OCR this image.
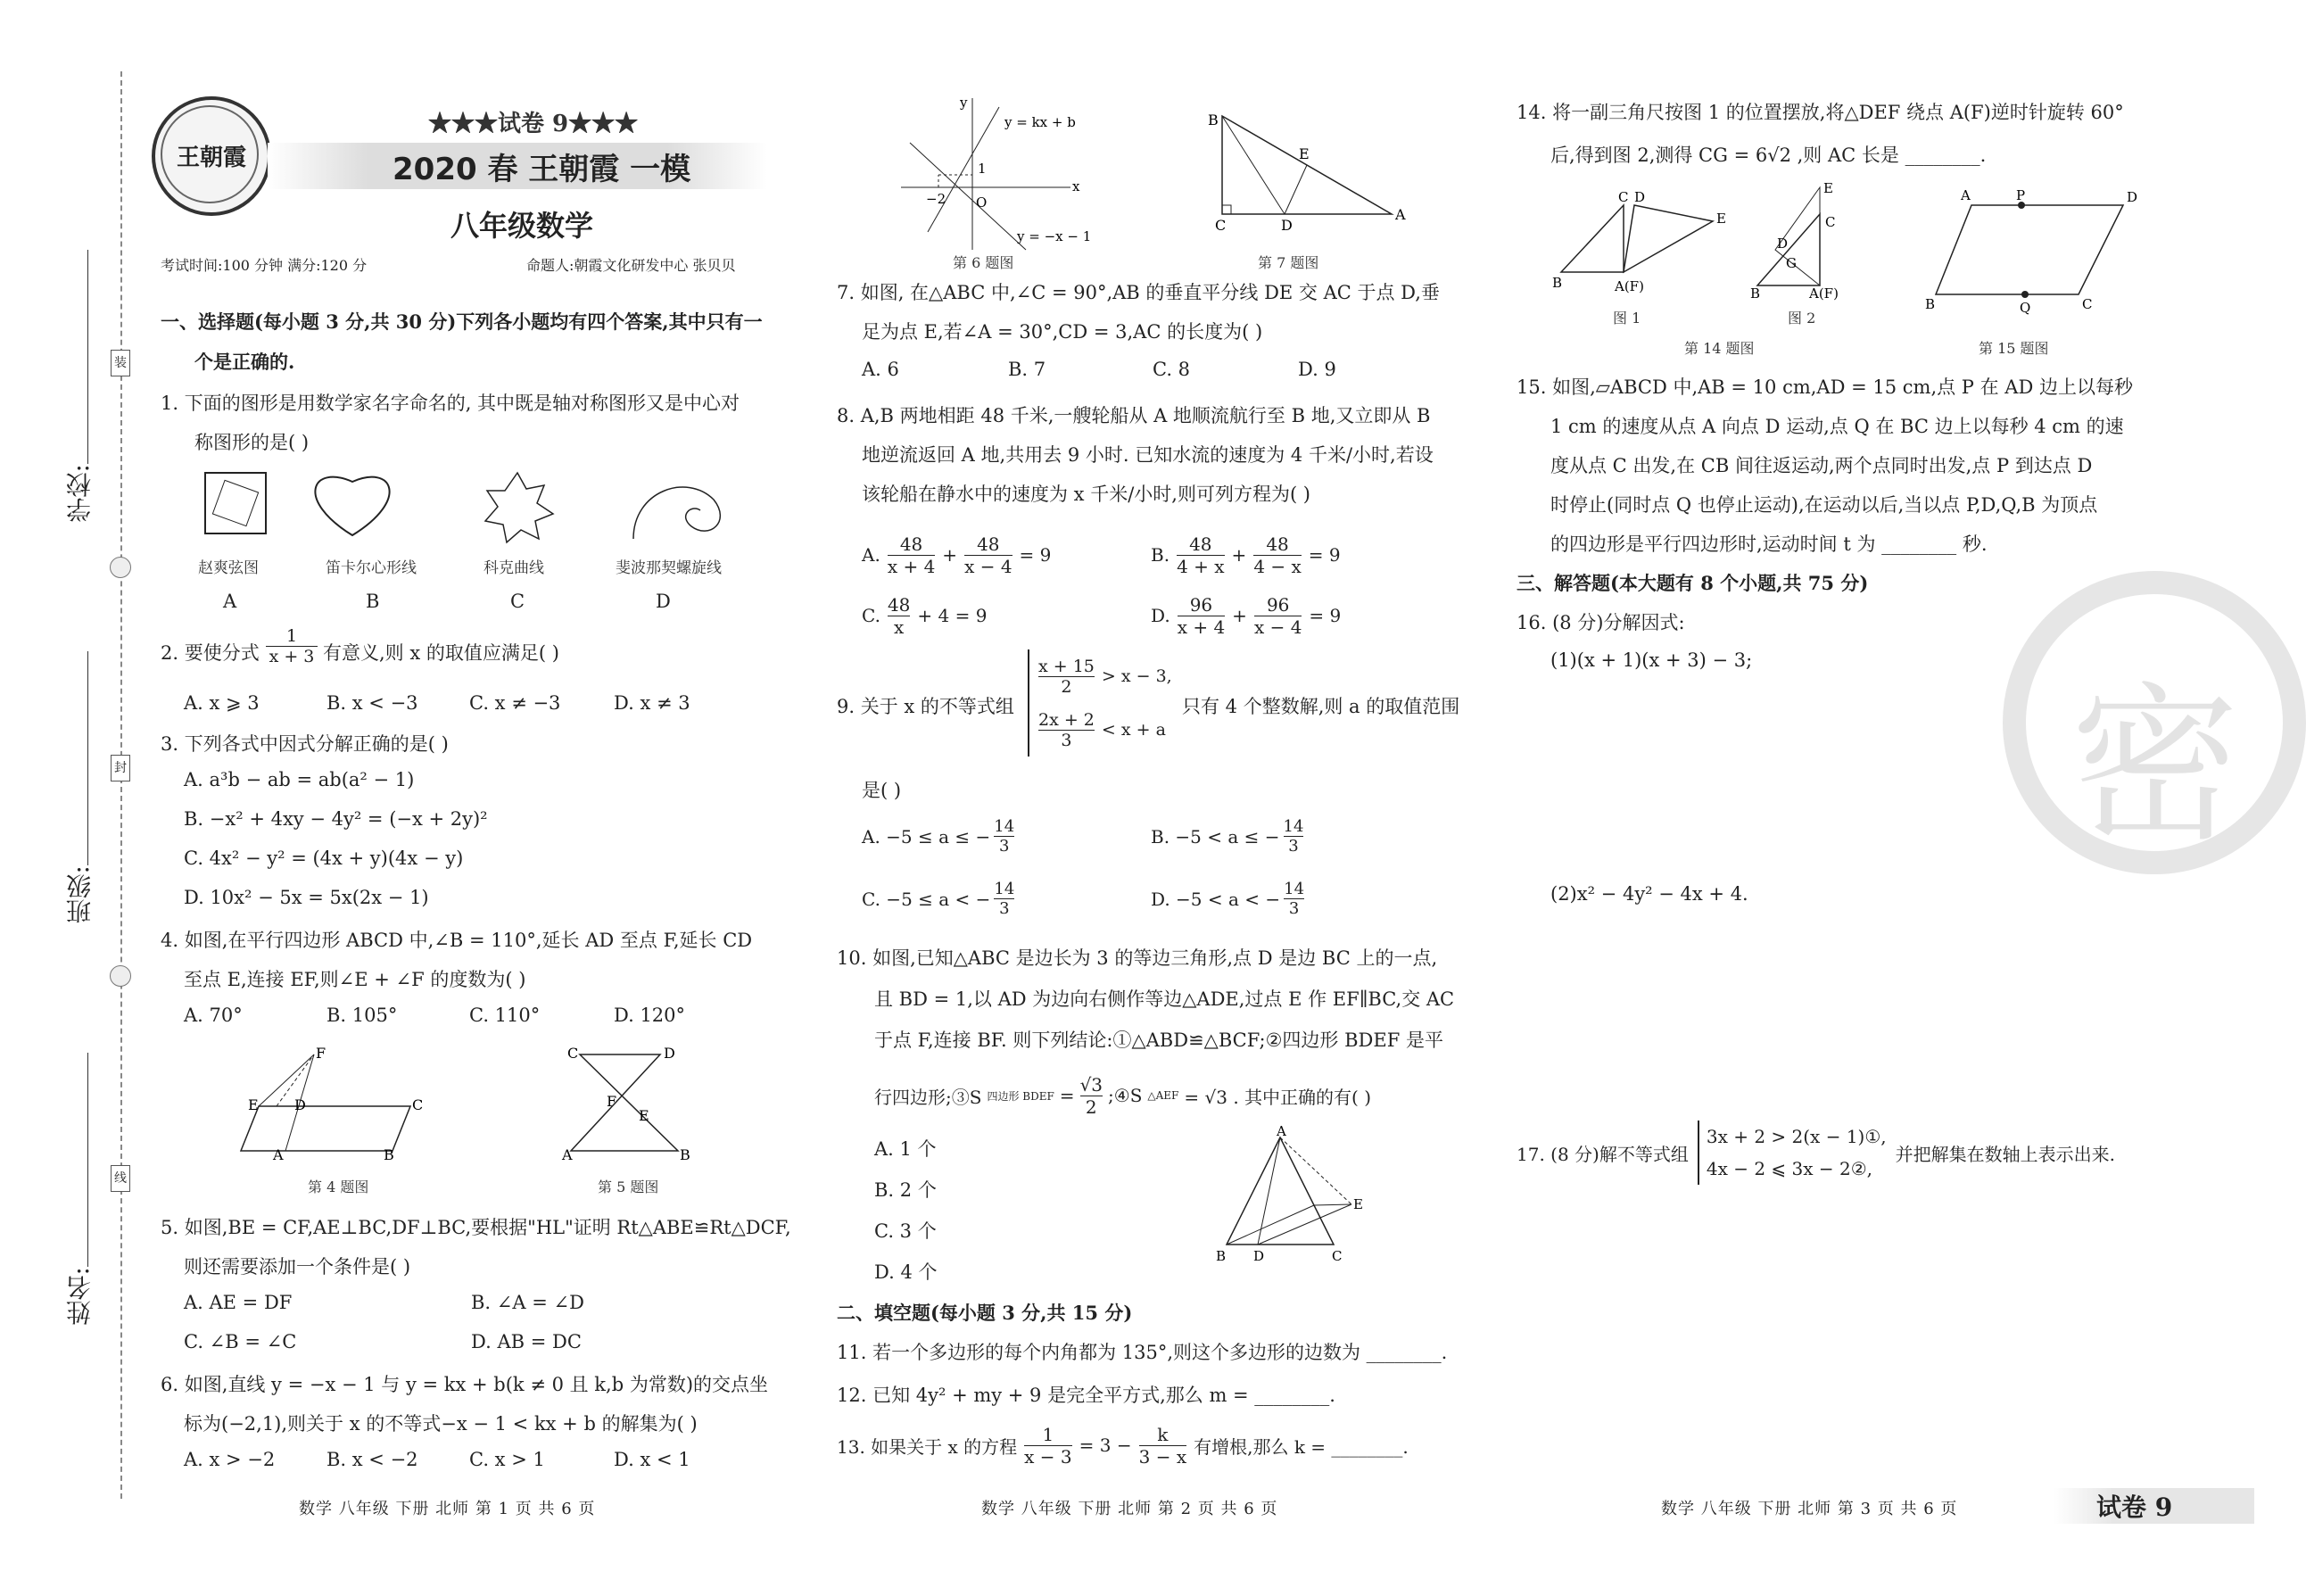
学校:
班级:
姓名:
装
封
线
王朝霞
★★★试卷 9★★★
2020 春 王朝霞 一模
八年级数学
考试时间:100 分钟 满分:120 分	命题人:朝霞文化研发中心 张贝贝
一、选择题(每小题 3 分,共 30 分)下列各小题均有四个答案,其中只有一
个是正确的.
1. 下面的图形是用数学家名字命名的, 其中既是轴对称图形又是中心对
称图形的是( )
赵爽弦图	笛卡尔心形线	科克曲线	斐波那契螺旋线
A	B	C	D
2. 要使分式
1
x + 3 有意义,则 x 的取值应满足( )
A. x ⩾ 3	B. x < −3	C. x ≠ −3	D. x ≠ 3
3. 下列各式中因式分解正确的是( )
A. a³b − ab = ab(a² − 1)
B. −x² + 4xy − 4y² = (−x + 2y)²
C. 4x² − y² = (4x + y)(4x − y)
D. 10x² − 5x = 5x(2x − 1)
4. 如图,在平行四边形 ABCD 中,∠B = 110°,延长 AD 至点 F,延长 CD
至点 E,连接 EF,则∠E + ∠F 的度数为( )
A. 70°	B. 105°	C. 110°	D. 120°
F
E	D	C
A	B
C	D
F
E
A	B
第 4 题图	第 5 题图
5. 如图,BE = CF,AE⊥BC,DF⊥BC,要根据"HL"证明 Rt△ABE≌Rt△DCF,
则还需要添加一个条件是( )
A. AE = DF	B. ∠A = ∠D
C. ∠B = ∠C	D. AB = DC
6. 如图,直线 y = −x − 1 与 y = kx + b(k ≠ 0 且 k,b 为常数)的交点坐
标为(−2,1),则关于 x 的不等式−x − 1 < kx + b 的解集为( )
A. x > −2	B. x < −2	C. x > 1	D. x < 1
数学 八年级 下册 北师 第 1 页 共 6 页
y = kx + b
y = −x − 1
−2 O
1
x
y
B
C	D
A
E
第 6 题图	第 7 题图
7. 如图, 在△ABC 中,∠C = 90°,AB 的垂直平分线 DE 交 AC 于点 D,垂
足为点 E,若∠A = 30°,CD = 3,AC 的长度为( )
A. 6	B. 7	C. 8	D. 9
8. A,B 两地相距 48 千米,一艘轮船从 A 地顺流航行至 B 地,又立即从 B
地逆流返回 A 地,共用去 9 小时. 已知水流的速度为 4 千米/小时,若设
该轮船在静水中的速度为 x 千米/小时,则可列方程为( )
A.
48
x + 4
+ $\frac{48}{x - 4} = 9$	B.
48
4 + x
+ $\frac{48}{4 - x} = 9$
C.
48
x
+ 4 = 9	D.
96
x + 4
+ $\frac{96}{x - 4} = 9$
9. 关于 x 的不等式组
x + 15
2
> x − 3,
2x + 2
3
< x + a
只有 4 个整数解,则 a 的取值范围
是( )
A. −5 ≤ a ≤ − $\frac{14}{3}$	B. −5 < a ≤ − $\frac{14}{3}$
C. −5 ≤ a < − $\frac{14}{3}$	D. −5 < a < − $\frac{14}{3}$
10. 如图,已知△ABC 是边长为 3 的等边三角形,点 D 是边 BC 上的一点,
且 BD = 1,以 AD 为边向右侧作等边△ADE,过点 E 作 EF∥BC,交 AC
于点 F,连接 BF. 则下列结论:①△ABD≌△BCF;②四边形 BDEF 是平
行四边形;③S 四边形 BDEF = $\frac{√3}{2}$ ;④S △AEF = √3 . 其中正确的有( )
A. 1 个
B. 2 个
C. 3 个
D. 4 个
A
E
B D	C
二、填空题(每小题 3 分,共 15 分)
11. 若一个多边形的每个内角都为 135°,则这个多边形的边数为 ________.
12. 已知 4y² + my + 9 是完全平方式,那么 m = ________.
13. 如果关于 x 的方程 $\frac{1}{x - 3} = 3 - \frac{k}{3 - x}$ 有增根,那么 k = ________.
数学 八年级 下册 北师 第 2 页 共 6 页
14. 将一副三角尺按图 1 的位置摆放,将△DEF 绕点 A(F)逆时针旋转 60°
后,得到图 2,测得 CG = 6√2 ,则 AC 长是 ________.
B	A(F)
C D
E
B	A(F)
C
E
D
G
A	P	D
B	Q	C
图 1	图 2
第 14 题图	第 15 题图
15. 如图,▱ABCD 中,AB = 10 cm,AD = 15 cm,点 P 在 AD 边上以每秒
1 cm 的速度从点 A 向点 D 运动,点 Q 在 BC 边上以每秒 4 cm 的速
度从点 C 出发,在 CB 间往返运动,两个点同时出发,点 P 到达点 D
时停止(同时点 Q 也停止运动),在运动以后,当以点 P,D,Q,B 为顶点
的四边形是平行四边形时,运动时间 t 为 ________ 秒.
三、解答题(本大题有 8 个小题,共 75 分)
16. (8 分)分解因式:
(1)(x + 1)(x + 3) − 3;
(2)x² − 4y² − 4x + 4.
17. (8 分)解不等式组
3x + 2 > 2(x − 1)①,
4x − 2 ⩽ 3x − 2②,
并把解集在数轴上表示出来.
密
数学 八年级 下册 北师 第 3 页 共 6 页	试卷 9
